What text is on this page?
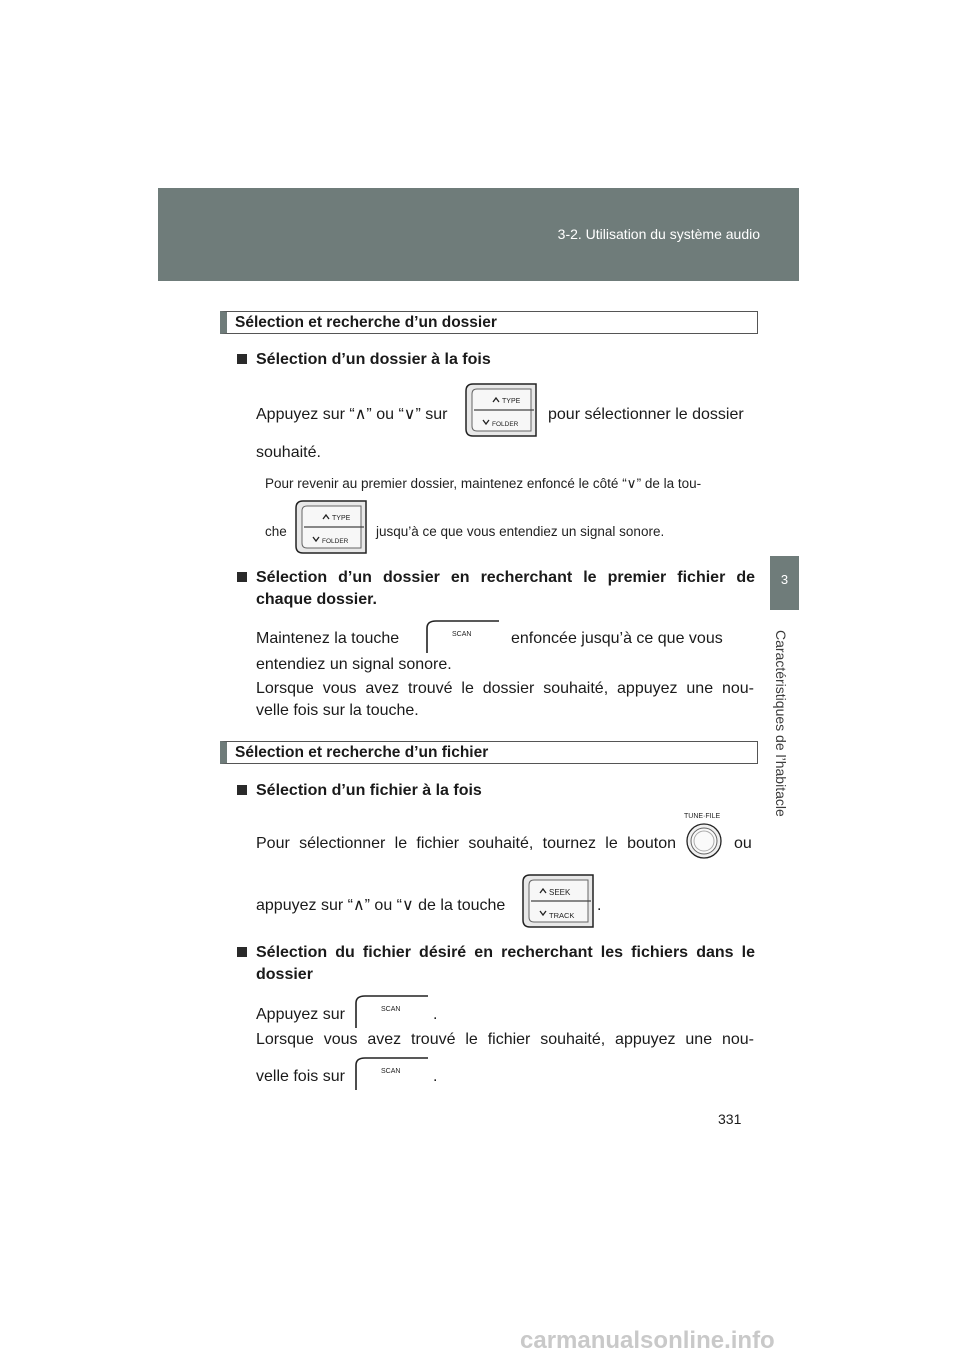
3-2. Utilisation du système audio
3
Caractéristiques de l’habitacle
Sélection et recherche d’un dossier
Sélection d’un dossier à la fois
Appuyez sur “∧” ou “∨” sur
TYPE
FOLDER
pour sélectionner le dossier
souhaité.
Pour revenir au premier dossier, maintenez enfoncé le côté “∨” de la tou-
che
TYPE
FOLDER
jusqu’à ce que vous entendiez un signal sonore.
Sélection d’un dossier en recherchant le premier fichier de
chaque dossier.
Maintenez la touche	SCAN enfoncée jusqu’à ce que vous
entendiez un signal sonore.
Lorsque vous avez trouvé le dossier souhaité, appuyez une nou-
velle fois sur la touche.
Sélection et recherche d’un fichier
Sélection d’un fichier à la fois
Pour sélectionner le fichier souhaité, tournez le bouton
TUNE·FILE
ou
appuyez sur “∧” ou “∨ de la touche
SEEK
TRACK
.
Sélection du fichier désiré en recherchant les fichiers dans le
dossier
Appuyez sur	SCAN .
Lorsque vous avez trouvé le fichier souhaité, appuyez une nou-
velle fois sur	SCAN .
331
carmanualsonline.info
